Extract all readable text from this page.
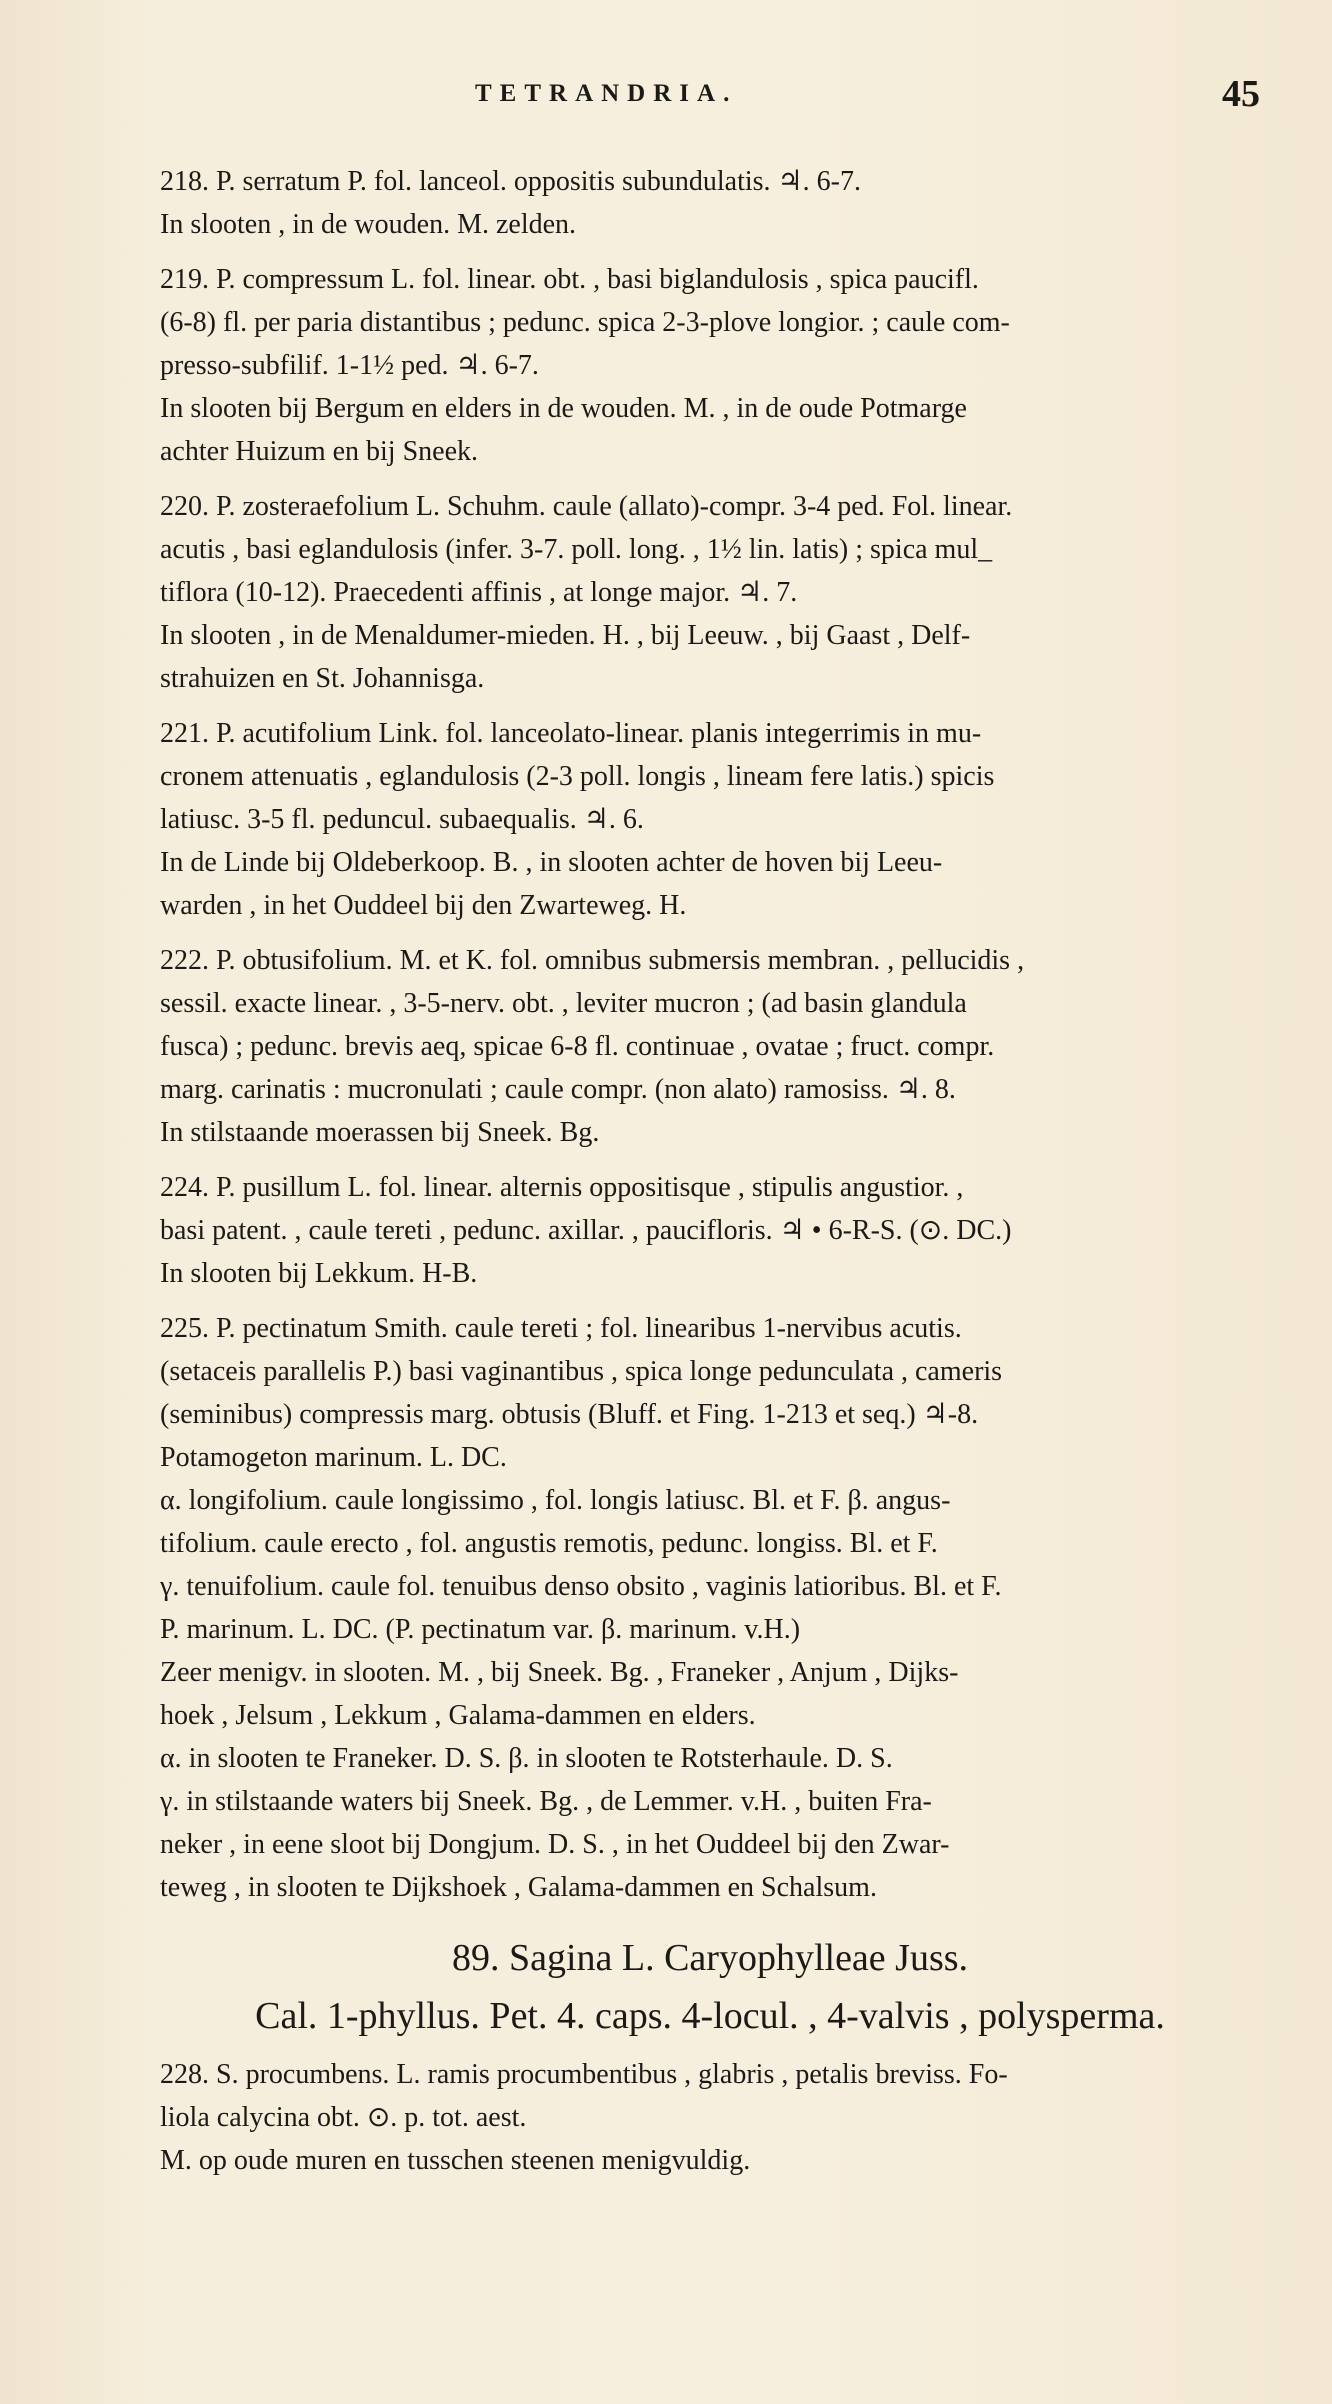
TETRANDRIA.	45
218. P. serratum P. fol. lanceol. oppositis subundulatis. ♃. 6-7.
In slooten , in de wouden. M. zelden.
219. P. compressum L. fol. linear. obt. , basi biglandulosis , spica paucifl.
(6-8) fl. per paria distantibus ; pedunc. spica 2-3-plove longior. ; caule com-
presso-subfilif. 1-1½ ped. ♃. 6-7.
In slooten bij Bergum en elders in de wouden. M. , in de oude Potmarge
achter Huizum en bij Sneek.
220. P. zosteraefolium L. Schuhm. caule (allato)-compr. 3-4 ped. Fol. linear.
acutis , basi eglandulosis (infer. 3-7. poll. long. , 1½ lin. latis) ; spica mul_
tiflora (10-12). Praecedenti affinis , at longe major. ♃. 7.
In slooten , in de Menaldumer-mieden. H. , bij Leeuw. , bij Gaast , Delf-
strahuizen en St. Johannisga.
221. P. acutifolium Link. fol. lanceolato-linear. planis integerrimis in mu-
cronem attenuatis , eglandulosis (2-3 poll. longis , lineam fere latis.) spicis
latiusc. 3-5 fl. peduncul. subaequalis. ♃. 6.
In de Linde bij Oldeberkoop. B. , in slooten achter de hoven bij Leeu-
warden , in het Ouddeel bij den Zwarteweg. H.
222. P. obtusifolium. M. et K. fol. omnibus submersis membran. , pellucidis ,
sessil. exacte linear. , 3-5-nerv. obt. , leviter mucron ; (ad basin glandula
fusca) ; pedunc. brevis aeq, spicae 6-8 fl. continuae , ovatae ; fruct. compr.
marg. carinatis : mucronulati ; caule compr. (non alato) ramosiss. ♃. 8.
In stilstaande moerassen bij Sneek. Bg.
224. P. pusillum L. fol. linear. alternis oppositisque , stipulis angustior. ,
basi patent. , caule tereti , pedunc. axillar. , paucifloris. ♃ • 6-R-S. (⊙. DC.)
In slooten bij Lekkum. H-B.
225. P. pectinatum Smith. caule tereti ; fol. linearibus 1-nervibus acutis.
(setaceis parallelis P.) basi vaginantibus , spica longe pedunculata , cameris
(seminibus) compressis marg. obtusis (Bluff. et Fing. 1-213 et seq.) ♃-8.
Potamogeton marinum. L. DC.
α. longifolium. caule longissimo , fol. longis latiusc. Bl. et F. β. angus-
tifolium. caule erecto , fol. angustis remotis, pedunc. longiss. Bl. et F.
γ. tenuifolium. caule fol. tenuibus denso obsito , vaginis latioribus. Bl. et F.
P. marinum. L. DC. (P. pectinatum var. β. marinum. v.H.)
Zeer menigv. in slooten. M. , bij Sneek. Bg. , Franeker , Anjum , Dijks-
hoek , Jelsum , Lekkum , Galama-dammen en elders.
α. in slooten te Franeker. D. S. β. in slooten te Rotsterhaule. D. S.
γ. in stilstaande waters bij Sneek. Bg. , de Lemmer. v.H. , buiten Fra-
neker , in eene sloot bij Dongjum. D. S. , in het Ouddeel bij den Zwar-
teweg , in slooten te Dijkshoek , Galama-dammen en Schalsum.
89. Sagina L. Caryophylleae Juss.
Cal. 1-phyllus. Pet. 4. caps. 4-locul. , 4-valvis , polysperma.
228. S. procumbens. L. ramis procumbentibus , glabris , petalis breviss. Fo-
liola calycina obt. ⊙. p. tot. aest.
M. op oude muren en tusschen steenen menigvuldig.
